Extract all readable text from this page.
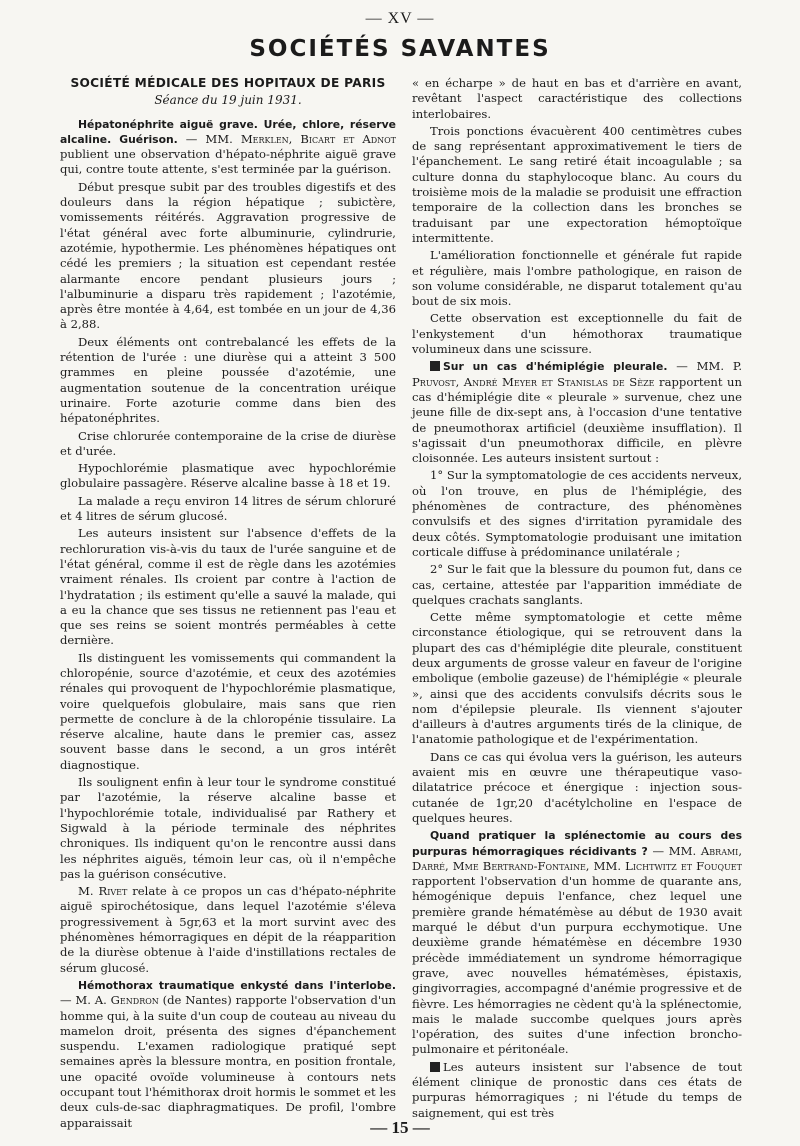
— XV —
SOCIÉTÉS SAVANTES
SOCIÉTÉ MÉDICALE DES HOPITAUX DE PARIS
Séance du 19 juin 1931.

Hépatonéphrite aiguë grave. Urée, chlore, réserve alcaline. Guérison. — MM. Merklen, Bicart et Adnot publient une observation d'hépato-néphrite aiguë grave qui, contre toute attente, s'est terminée par la guérison.

Début presque subit par des troubles digestifs et des douleurs dans la région hépatique ; subictère, vomissements réitérés. Aggravation progressive de l'état général avec forte albuminurie, cylindrurie, azotémie, hypothermie. Les phénomènes hépatiques ont cédé les premiers ; la situation est cependant restée alarmante encore pendant plusieurs jours ; l'albuminurie a disparu très rapidement ; l'azotémie, après être montée à 4,64, est tombée en un jour de 4,36 à 2,88.

Deux éléments ont contrebalancé les effets de la rétention de l'urée : une diurèse qui a atteint 3 500 grammes en pleine poussée d'azotémie, une augmentation soutenue de la concentration uréique urinaire. Forte azoturie comme dans bien des hépatonéphrites.

Crise chlorurée contemporaine de la crise de diurèse et d'urée.

Hypochlorémie plasmatique avec hypochlorémie globulaire passagère. Réserve alcaline basse à 18 et 19.

La malade a reçu environ 14 litres de sérum chloruré et 4 litres de sérum glucosé.

Les auteurs insistent sur l'absence d'effets de la rechloruration vis-à-vis du taux de l'urée sanguine et de l'état général, comme il est de règle dans les azotémies vraiment rénales. Ils croient par contre à l'action de l'hydratation ; ils estiment qu'elle a sauvé la malade, qui a eu la chance que ses tissus ne retiennent pas l'eau et que ses reins se soient montrés perméables à cette dernière.

Ils distinguent les vomissements qui commandent la chloropénie, source d'azotémie, et ceux des azotémies rénales qui provoquent de l'hypochlorémie plasmatique, voire quelquefois globulaire, mais sans que rien permette de conclure à de la chloropénie tissulaire. La réserve alcaline, haute dans le premier cas, assez souvent basse dans le second, a un gros intérêt diagnostique.

Ils soulignent enfin à leur tour le syndrome constitué par l'azotémie, la réserve alcaline basse et l'hypochlorémie totale, individualisé par Rathery et Sigwald à la période terminale des néphrites chroniques. Ils indiquent qu'on le rencontre aussi dans les néphrites aiguës, témoin leur cas, où il n'empêche pas la guérison consécutive.

M. Rivet relate à ce propos un cas d'hépato-néphrite aiguë spirochétosique, dans lequel l'azotémie s'éleva progressivement à 5gr,63 et la mort survint avec des phénomènes hémorragiques en dépit de la réapparition de la diurèse obtenue à l'aide d'instillations rectales de sérum glucosé.

Hémothorax traumatique enkysté dans l'interlobe. — M. A. Gendron (de Nantes) rapporte l'observation d'un homme qui, à la suite d'un coup de couteau au niveau du mamelon droit, présenta des signes d'épanchement suspendu. L'examen radiologique pratiqué sept semaines après la blessure montra, en position frontale, une opacité ovoïde volumineuse à contours nets occupant tout l'hémithorax droit hormis le sommet et les deux culs-de-sac diaphragmatiques. De profil, l'ombre apparaissait

« en écharpe » de haut en bas et d'arrière en avant, revêtant l'aspect caractéristique des collections interlobaires.

Trois ponctions évacuèrent 400 centimètres cubes de sang représentant approximativement le tiers de l'épanchement. Le sang retiré était incoagulable ; sa culture donna du staphylocoque blanc. Au cours du troisième mois de la maladie se produisit une effraction temporaire de la collection dans les bronches se traduisant par une expectoration hémoptoïque intermittente.

L'amélioration fonctionnelle et générale fut rapide et régulière, mais l'ombre pathologique, en raison de son volume considérable, ne disparut totalement qu'au bout de six mois.

Cette observation est exceptionnelle du fait de l'enkystement d'un hémothorax traumatique volumineux dans une scissure.

Sur un cas d'hémiplégie pleurale. — MM. P. Pruvost, André Meyer et Stanislas de Sèze rapportent un cas d'hémiplégie dite « pleurale » survenue, chez une jeune fille de dix-sept ans, à l'occasion d'une tentative de pneumothorax artificiel (deuxième insufflation). Il s'agissait d'un pneumothorax difficile, en plèvre cloisonnée. Les auteurs insistent surtout :

1° Sur la symptomatologie de ces accidents nerveux, où l'on trouve, en plus de l'hémiplégie, des phénomènes de contracture, des phénomènes convulsifs et des signes d'irritation pyramidale des deux côtés. Symptomatologie produisant une imitation corticale diffuse à prédominance unilatérale ;

2° Sur le fait que la blessure du poumon fut, dans ce cas, certaine, attestée par l'apparition immédiate de quelques crachats sanglants.

Cette même symptomatologie et cette même circonstance étiologique, qui se retrouvent dans la plupart des cas d'hémiplégie dite pleurale, constituent deux arguments de grosse valeur en faveur de l'origine embolique (embolie gazeuse) de l'hémiplégie « pleurale », ainsi que des accidents convulsifs décrits sous le nom d'épilepsie pleurale. Ils viennent s'ajouter d'ailleurs à d'autres arguments tirés de la clinique, de l'anatomie pathologique et de l'expérimentation.

Dans ce cas qui évolua vers la guérison, les auteurs avaient mis en œuvre une thérapeutique vaso-dilatatrice précoce et énergique : injection sous-cutanée de 1gr,20 d'acétylcholine en l'espace de quelques heures.

Quand pratiquer la splénectomie au cours des purpuras hémorragiques récidivants ? — MM. Abrami, Darré, Mme Bertrand-Fontaine, MM. Lichtwitz et Fouquet rapportent l'observation d'un homme de quarante ans, hémogénique depuis l'enfance, chez lequel une première grande hématémèse au début de 1930 avait marqué le début d'un purpura ecchymotique. Une deuxième grande hématémèse en décembre 1930 précède immédiatement un syndrome hémorragique grave, avec nouvelles hématémèses, épistaxis, gingivorragies, accompagné d'anémie progressive et de fièvre. Les hémorragies ne cèdent qu'à la splénectomie, mais le malade succombe quelques jours après l'opération, des suites d'une infection broncho-pulmonaire et péritonéale.

Les auteurs insistent sur l'absence de tout élément clinique de pronostic dans ces états de purpuras hémorragiques ; ni l'étude du temps de saignement, qui est très

— 15 —
